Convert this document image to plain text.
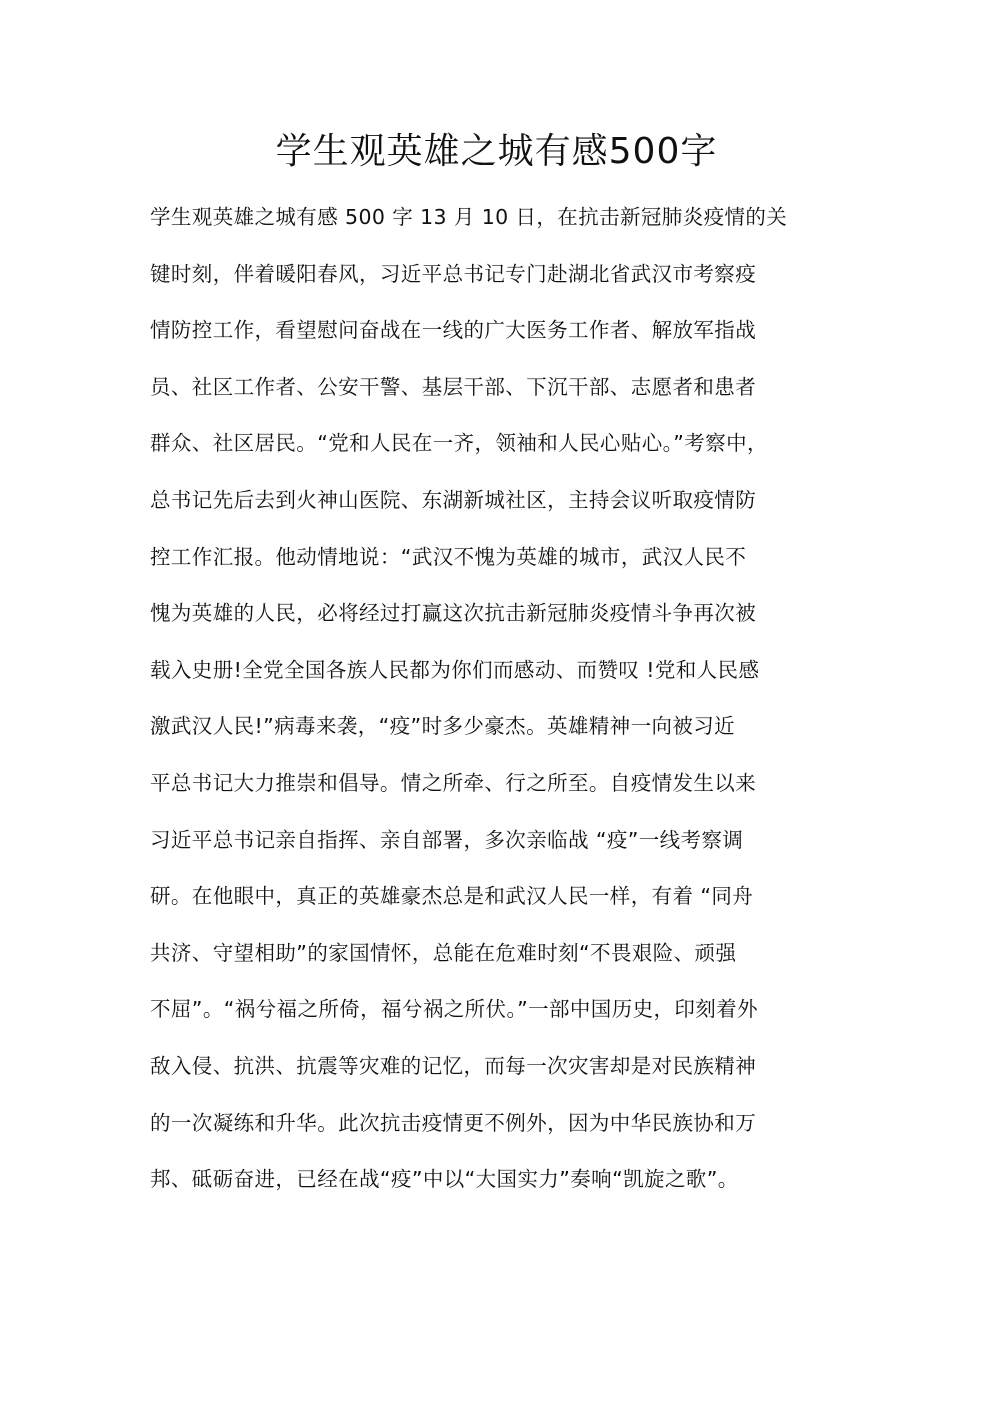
学生观英雄之城有感500字
学生观英雄之城有感 500 字 13 月 10 日，在抗击新冠肺炎疫情的关
键时刻，伴着暖阳春风，习近平总书记专门赴湖北省武汉市考察疫
情防控工作，看望慰问奋战在一线的广大医务工作者、解放军指战
员、社区工作者、公安干警、基层干部、下沉干部、志愿者和患者
群众、社区居民。“党和人民在一齐，领袖和人民心贴心。”考察中，
总书记先后去到火神山医院、东湖新城社区，主持会议听取疫情防
控工作汇报。他动情地说：“武汉不愧为英雄的城市，武汉人民不
愧为英雄的人民，必将经过打赢这次抗击新冠肺炎疫情斗争再次被
载入史册!全党全国各族人民都为你们而感动、而赞叹 !党和人民感
激武汉人民!”病毒来袭，“疫”时多少豪杰。英雄精神一向被习近
平总书记大力推崇和倡导。情之所牵、行之所至。自疫情发生以来
习近平总书记亲自指挥、亲自部署，多次亲临战 “疫”一线考察调
研。在他眼中，真正的英雄豪杰总是和武汉人民一样，有着 “同舟
共济、守望相助”的家国情怀，总能在危难时刻“不畏艰险、顽强
不屈”。“祸兮福之所倚，福兮祸之所伏。”一部中国历史，印刻着外
敌入侵、抗洪、抗震等灾难的记忆，而每一次灾害却是对民族精神
的一次凝练和升华。此次抗击疫情更不例外，因为中华民族协和万
邦、砥砺奋进，已经在战“疫”中以“大国实力”奏响“凯旋之歌”。
